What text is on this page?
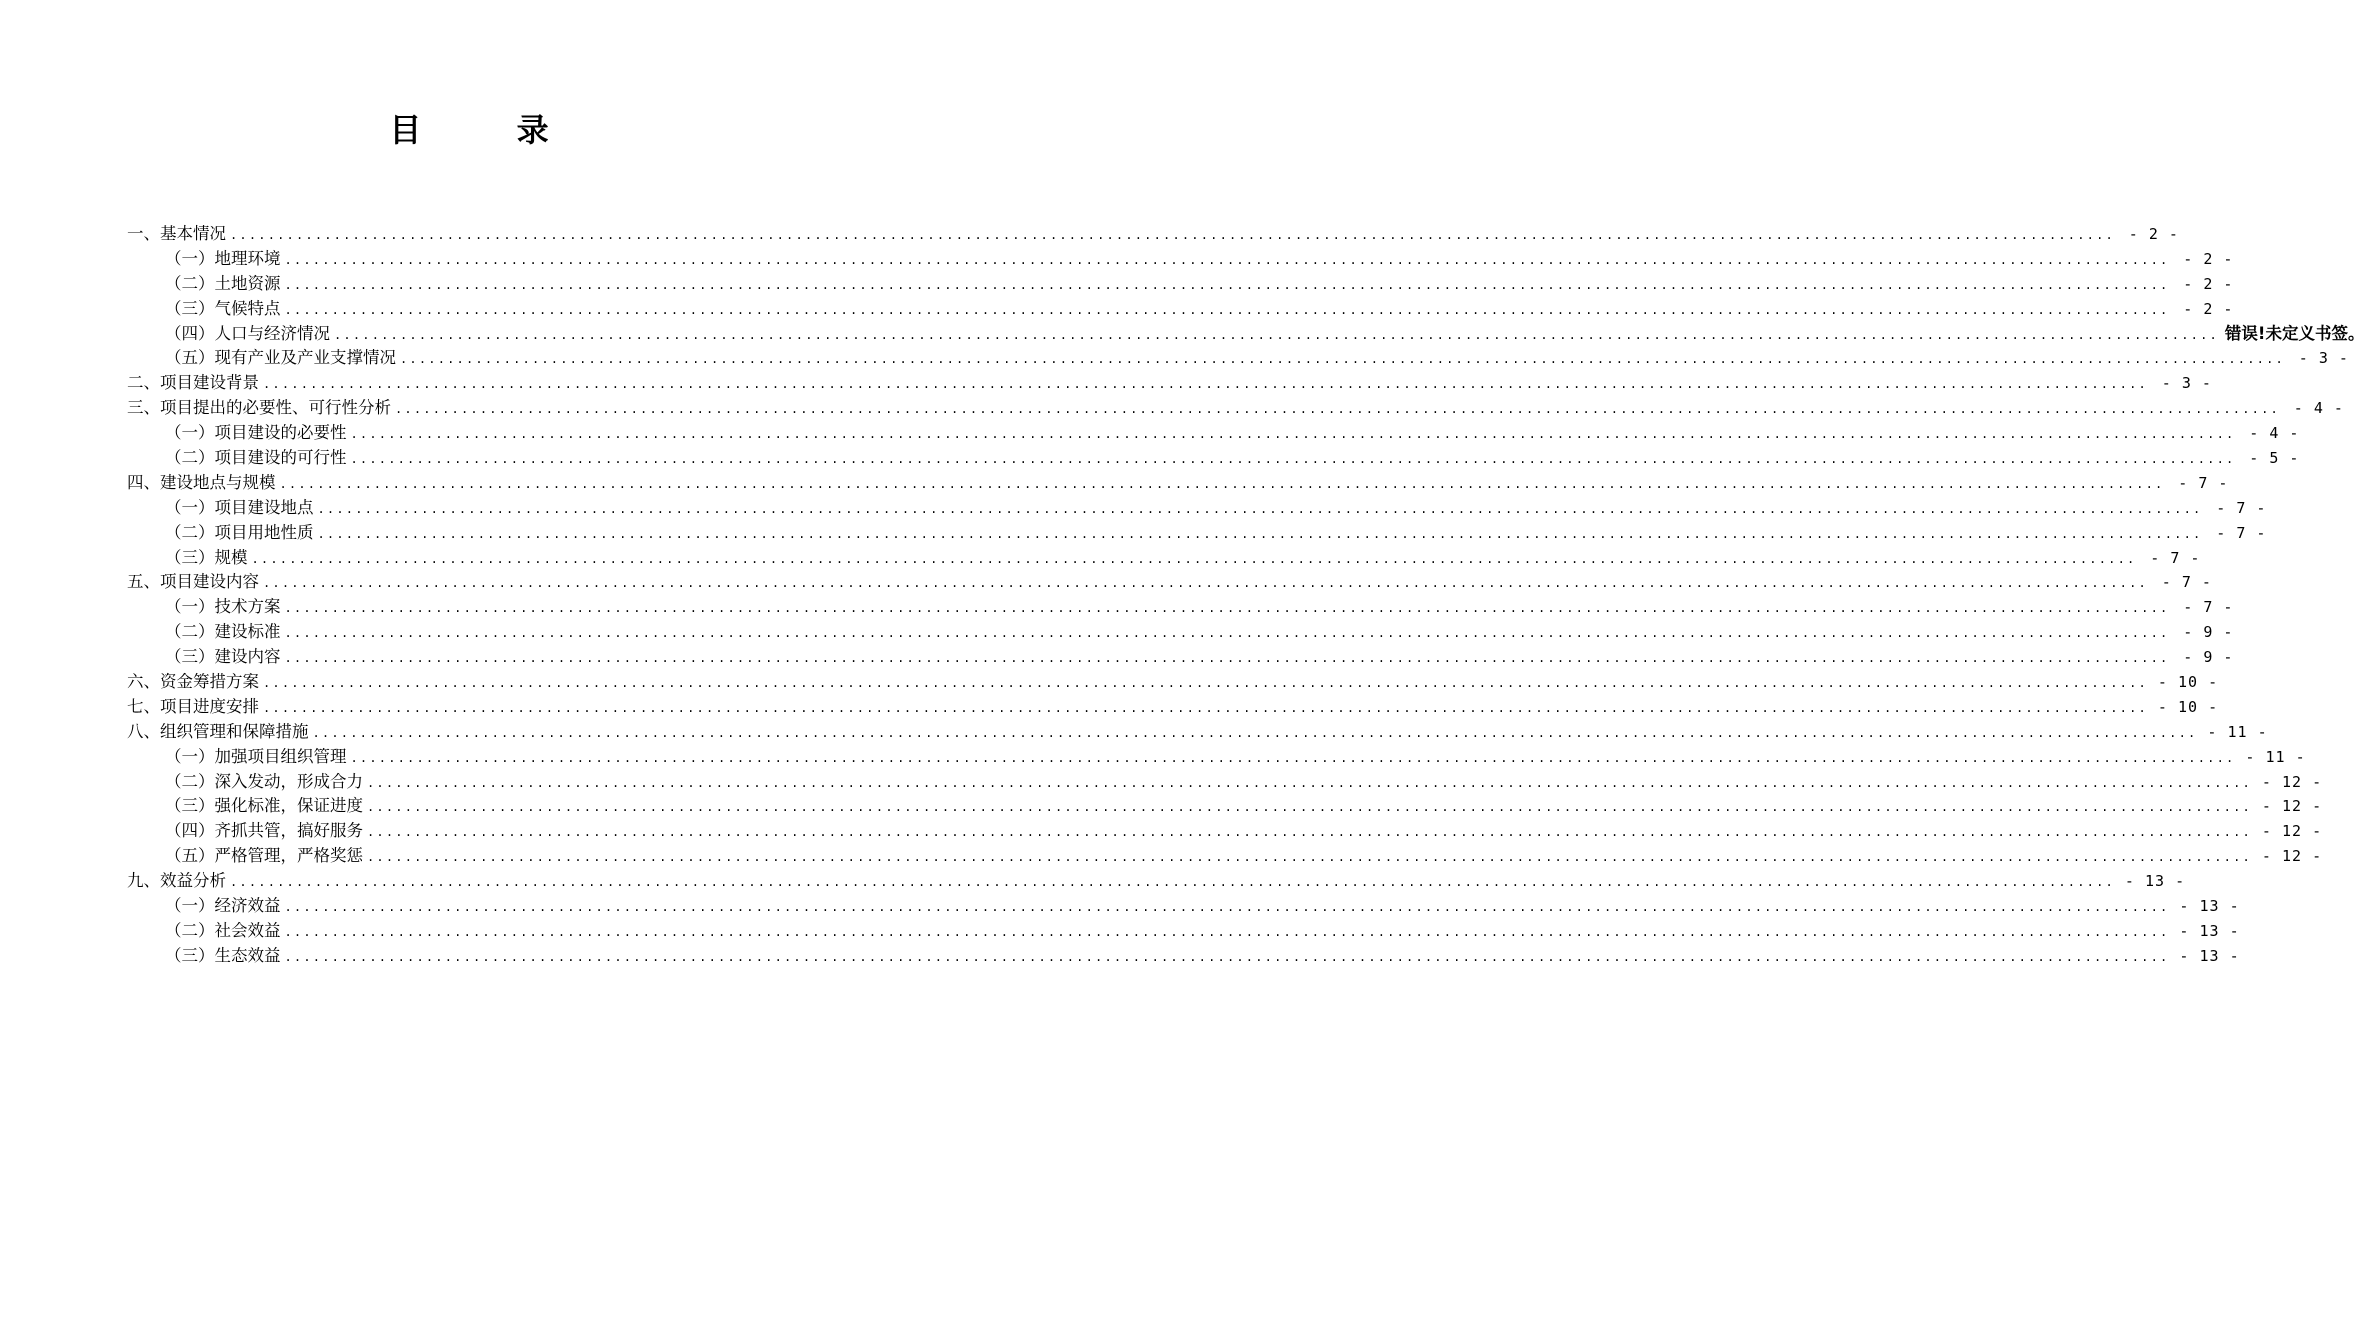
目 录
一、基本情况 ........................................................................................................................................................................................................ - 2 -
（一）地理环境 ........................................................................................................................................................................................................ - 2 -
（二）土地资源 ........................................................................................................................................................................................................ - 2 -
（三）气候特点 ........................................................................................................................................................................................................ - 2 -
（四）人口与经济情况 ........................................................................................................................................................................................................ 错误!未定义书签。
（五）现有产业及产业支撑情况 ........................................................................................................................................................................................................ - 3 -
二、项目建设背景 ........................................................................................................................................................................................................ - 3 -
三、项目提出的必要性、可行性分析 ........................................................................................................................................................................................................ - 4 -
（一）项目建设的必要性 ........................................................................................................................................................................................................ - 4 -
（二）项目建设的可行性 ........................................................................................................................................................................................................ - 5 -
四、建设地点与规模 ........................................................................................................................................................................................................ - 7 -
（一）项目建设地点 ........................................................................................................................................................................................................ - 7 -
（二）项目用地性质 ........................................................................................................................................................................................................ - 7 -
（三）规模 ........................................................................................................................................................................................................ - 7 -
五、项目建设内容 ........................................................................................................................................................................................................ - 7 -
（一）技术方案 ........................................................................................................................................................................................................ - 7 -
（二）建设标准 ........................................................................................................................................................................................................ - 9 -
（三）建设内容 ........................................................................................................................................................................................................ - 9 -
六、资金筹措方案 ........................................................................................................................................................................................................ - 10 -
七、项目进度安排 ........................................................................................................................................................................................................ - 10 -
八、组织管理和保障措施 ........................................................................................................................................................................................................ - 11 -
（一）加强项目组织管理 ........................................................................................................................................................................................................ - 11 -
（二）深入发动，形成合力 ........................................................................................................................................................................................................ - 12 -
（三）强化标准，保证进度 ........................................................................................................................................................................................................ - 12 -
（四）齐抓共管，搞好服务 ........................................................................................................................................................................................................ - 12 -
（五）严格管理，严格奖惩 ........................................................................................................................................................................................................ - 12 -
九、效益分析 ........................................................................................................................................................................................................ - 13 -
（一）经济效益 ........................................................................................................................................................................................................ - 13 -
（二）社会效益 ........................................................................................................................................................................................................ - 13 -
（三）生态效益 ........................................................................................................................................................................................................ - 13 -
